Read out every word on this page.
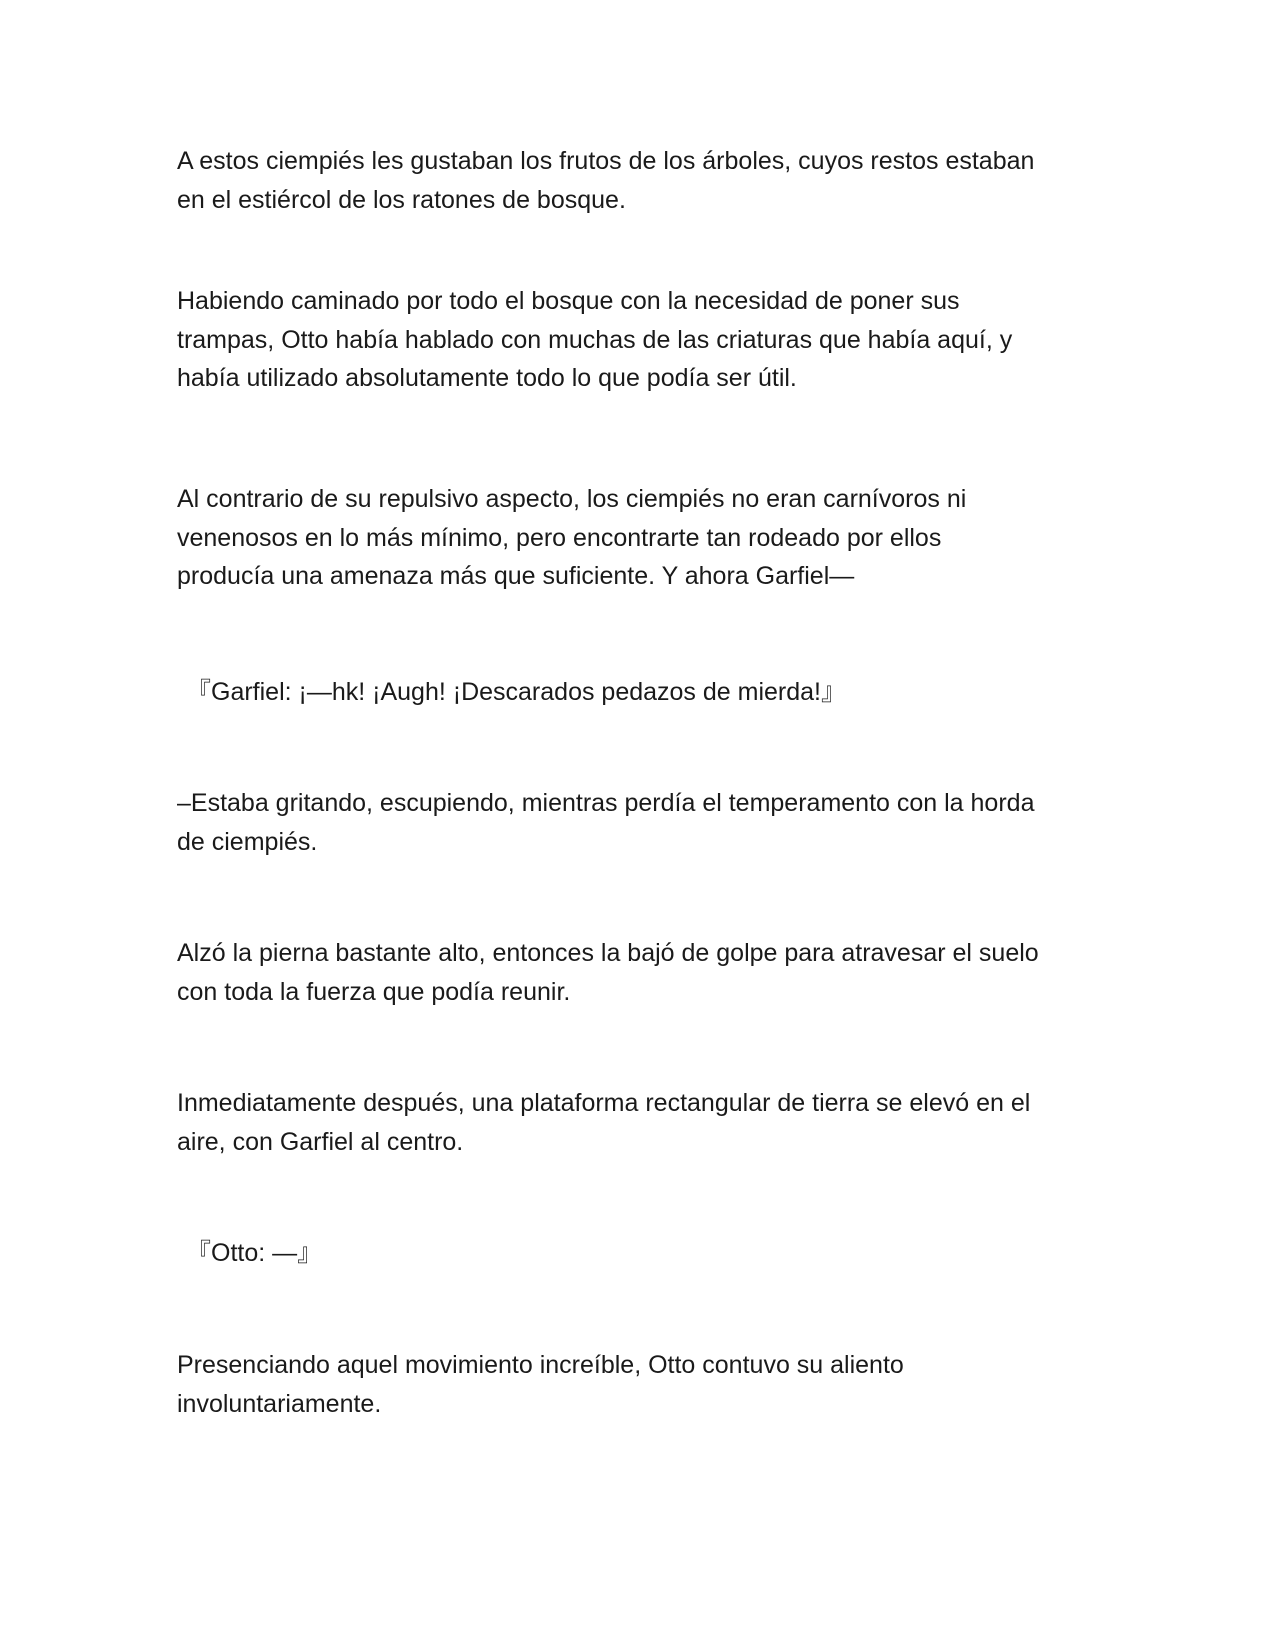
A estos ciempiés les gustaban los frutos de los árboles, cuyos restos estaban
en el estiércol de los ratones de bosque.

Habiendo caminado por todo el bosque con la necesidad de poner sus
trampas, Otto había hablado con muchas de las criaturas que había aquí, y
había utilizado absolutamente todo lo que podía ser útil.

Al contrario de su repulsivo aspecto, los ciempiés no eran carnívoros ni
venenosos en lo más mínimo, pero encontrarte tan rodeado por ellos
producía una amenaza más que suficiente. Y ahora Garfiel—

『Garfiel: ¡—hk! ¡Augh! ¡Descarados pedazos de mierda!』

–Estaba gritando, escupiendo, mientras perdía el temperamento con la horda
de ciempiés.

Alzó la pierna bastante alto, entonces la bajó de golpe para atravesar el suelo
con toda la fuerza que podía reunir.

Inmediatamente después, una plataforma rectangular de tierra se elevó en el
aire, con Garfiel al centro.

『Otto: —』

Presenciando aquel movimiento increíble, Otto contuvo su aliento
involuntariamente.
